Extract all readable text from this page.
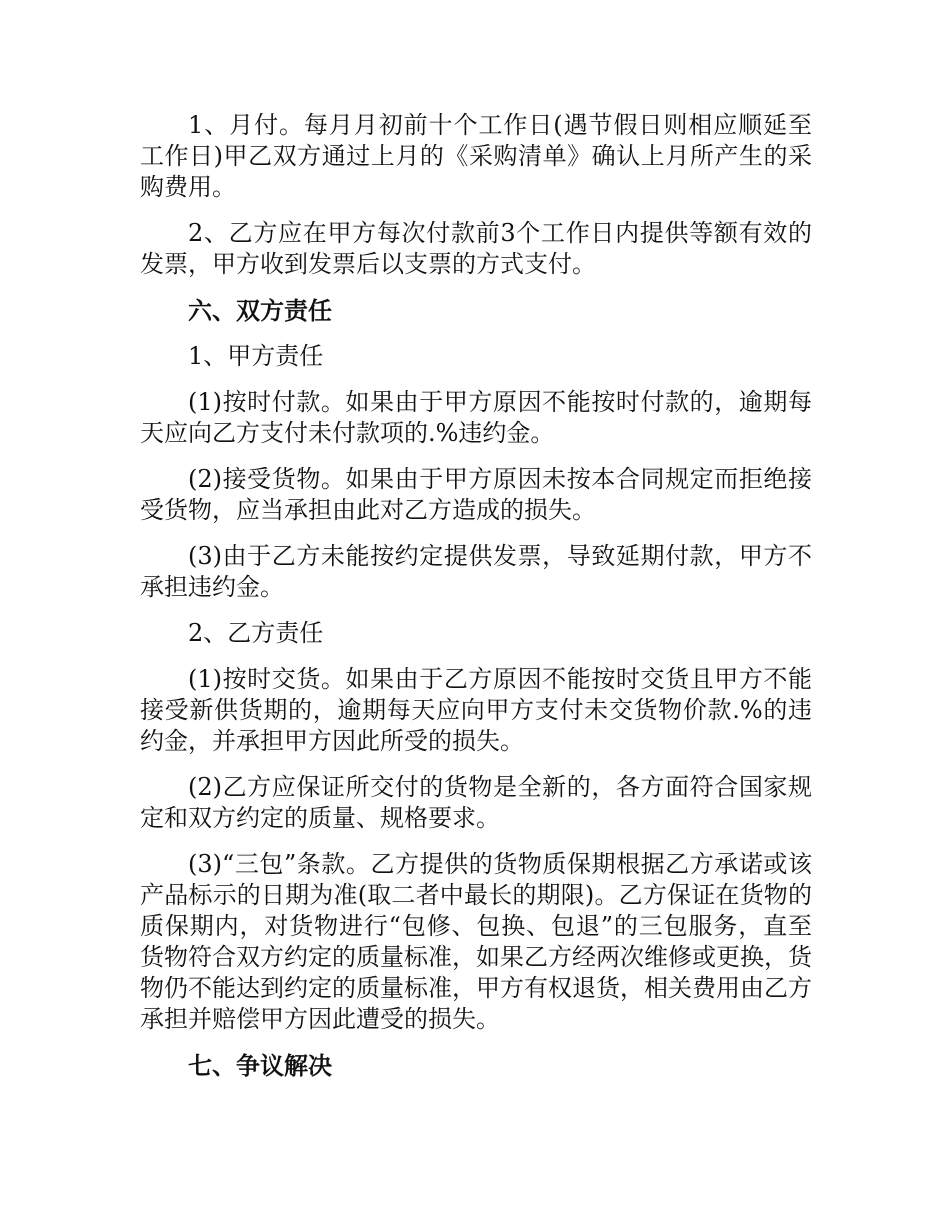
1、月付。每月月初前十个工作日(遇节假日则相应顺延至工作日)甲乙双方通过上月的《采购清单》确认上月所产生的采购费用。

2、乙方应在甲方每次付款前3个工作日内提供等额有效的发票，甲方收到发票后以支票的方式支付。

六、双方责任

1、甲方责任

(1)按时付款。如果由于甲方原因不能按时付款的，逾期每天应向乙方支付未付款项的.%违约金。

(2)接受货物。如果由于甲方原因未按本合同规定而拒绝接受货物，应当承担由此对乙方造成的损失。

(3)由于乙方未能按约定提供发票，导致延期付款，甲方不承担违约金。

2、乙方责任

(1)按时交货。如果由于乙方原因不能按时交货且甲方不能接受新供货期的，逾期每天应向甲方支付未交货物价款.%的违约金，并承担甲方因此所受的损失。

(2)乙方应保证所交付的货物是全新的，各方面符合国家规定和双方约定的质量、规格要求。

(3)“三包”条款。乙方提供的货物质保期根据乙方承诺或该产品标示的日期为准(取二者中最长的期限)。乙方保证在货物的质保期内，对货物进行“包修、包换、包退”的三包服务，直至货物符合双方约定的质量标准，如果乙方经两次维修或更换，货物仍不能达到约定的质量标准，甲方有权退货，相关费用由乙方承担并赔偿甲方因此遭受的损失。

七、争议解决
